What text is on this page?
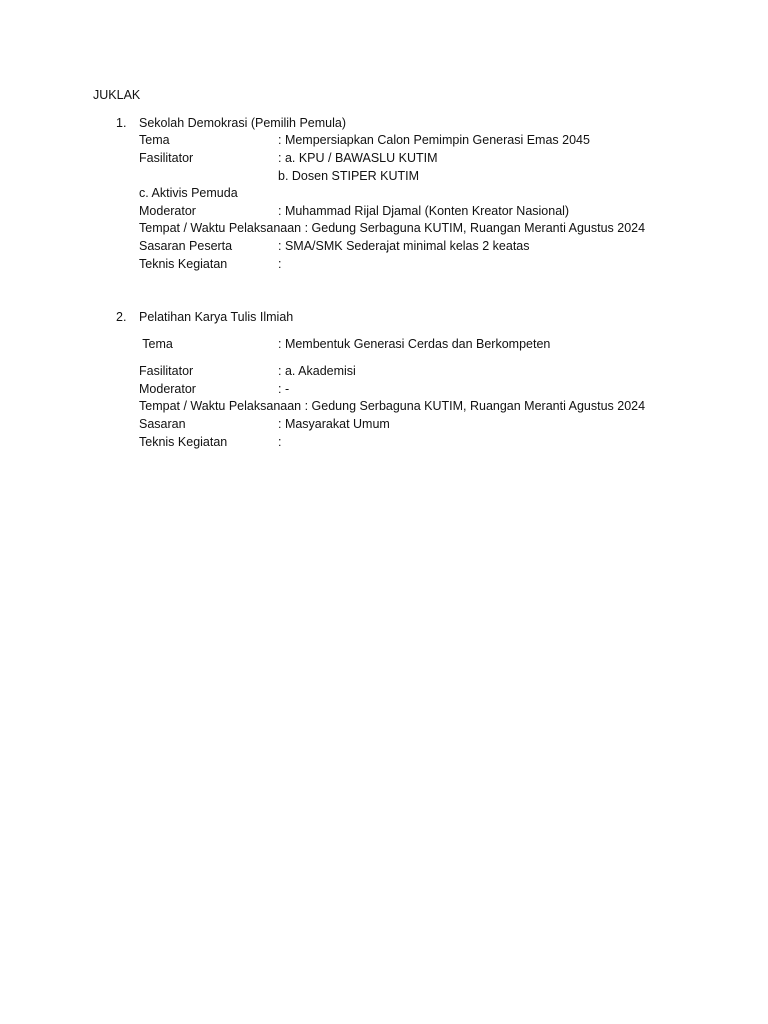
JUKLAK
1. Sekolah Demokrasi (Pemilih Pemula)
Tema	: Mempersiapkan Calon Pemimpin Generasi Emas 2045
Fasilitator	: a. KPU / BAWASLU KUTIM
b. Dosen STIPER KUTIM
c. Aktivis Pemuda
Moderator	: Muhammad Rijal Djamal (Konten Kreator Nasional)
Tempat / Waktu Pelaksanaan : Gedung Serbaguna KUTIM, Ruangan Meranti Agustus 2024
Sasaran Peserta	: SMA/SMK Sederajat minimal kelas 2 keatas
Teknis Kegiatan	:
2. Pelatihan Karya Tulis Ilmiah
Tema	: Membentuk Generasi Cerdas dan Berkompeten
Fasilitator	: a. Akademisi
Moderator	: -
Tempat / Waktu Pelaksanaan : Gedung Serbaguna KUTIM, Ruangan Meranti Agustus 2024
Sasaran	: Masyarakat Umum
Teknis Kegiatan	:
